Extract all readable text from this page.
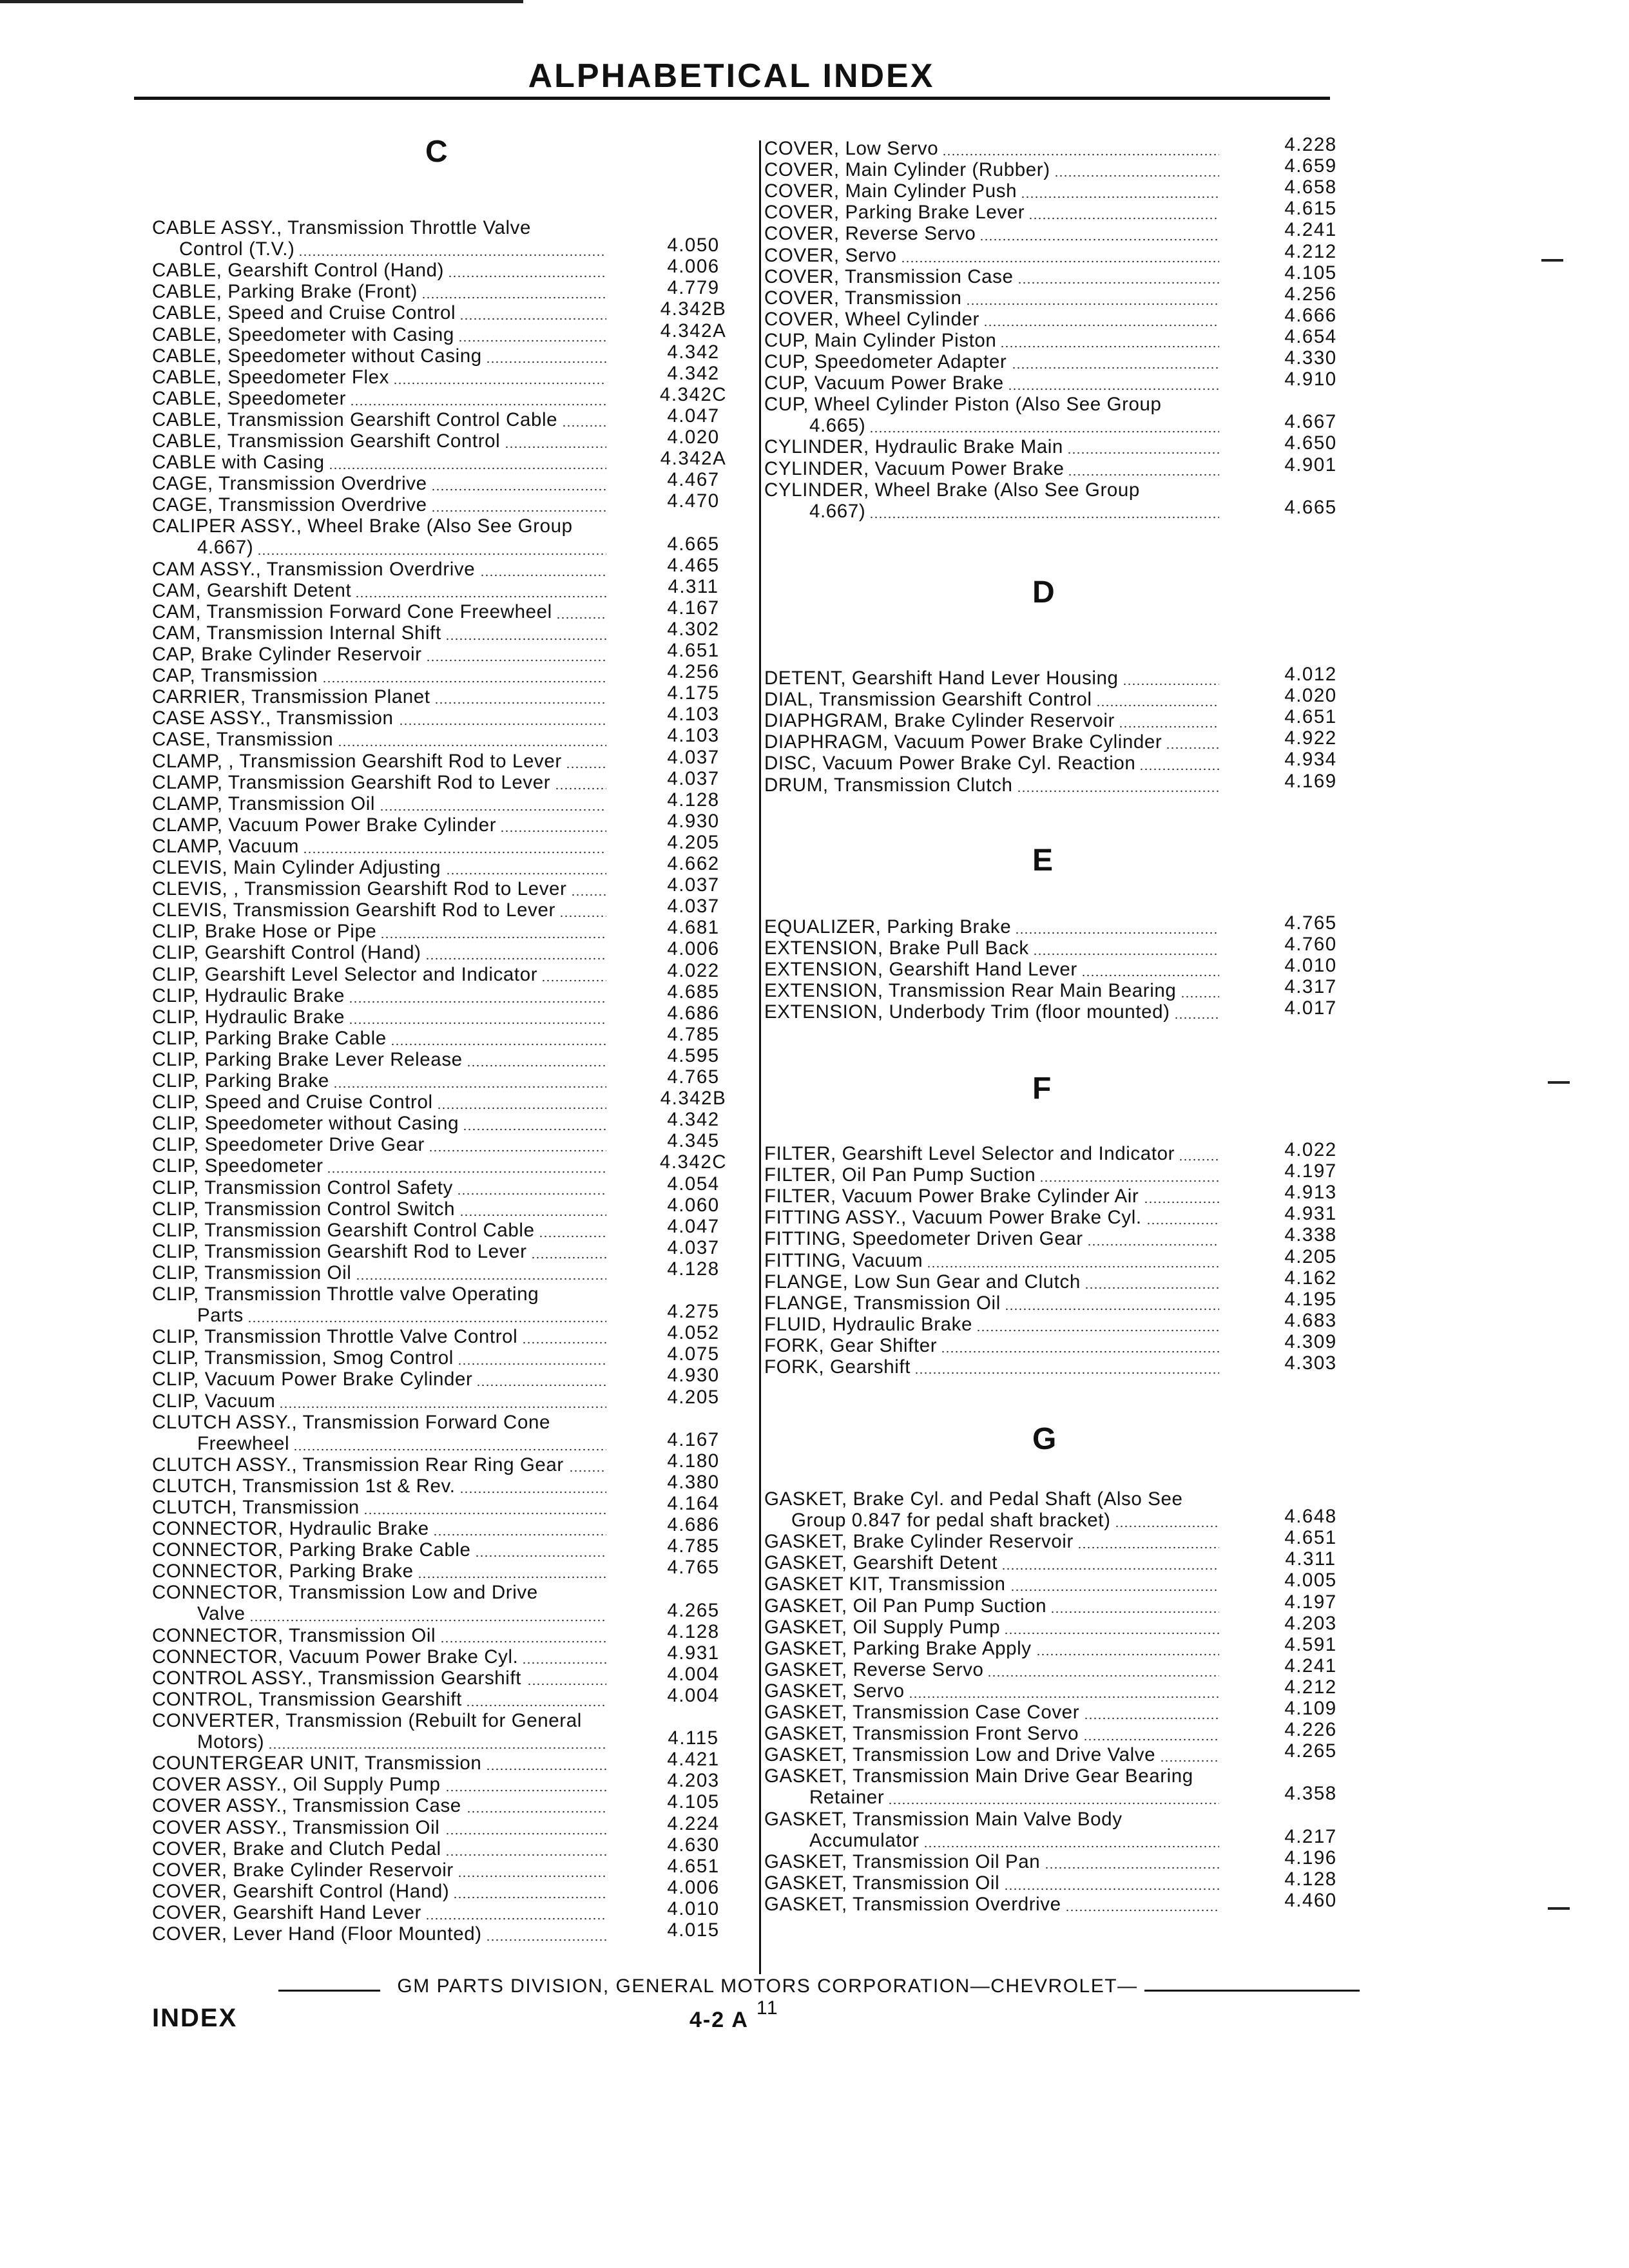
ALPHABETICAL INDEX
C
CABLE ASSY., Transmission Throttle Valve
Control (T.V.)	4.050
CABLE, Gearshift Control (Hand)	4.006
CABLE, Parking Brake (Front)	4.779
CABLE, Speed and Cruise Control	4.342B
CABLE, Speedometer with Casing	4.342A
CABLE, Speedometer without Casing	4.342
CABLE, Speedometer Flex	4.342
CABLE, Speedometer	4.342C
CABLE, Transmission Gearshift Control Cable	4.047
CABLE, Transmission Gearshift Control	4.020
CABLE with Casing	4.342A
CAGE, Transmission Overdrive	4.467
CAGE, Transmission Overdrive	4.470
CALIPER ASSY., Wheel Brake (Also See Group
4.667)	4.665
CAM ASSY., Transmission Overdrive	4.465
CAM, Gearshift Detent	4.311
CAM, Transmission Forward Cone Freewheel	4.167
CAM, Transmission Internal Shift	4.302
CAP, Brake Cylinder Reservoir	4.651
CAP, Transmission	4.256
CARRIER, Transmission Planet	4.175
CASE ASSY., Transmission	4.103
CASE, Transmission	4.103
CLAMP, , Transmission Gearshift Rod to Lever	4.037
CLAMP, Transmission Gearshift Rod to Lever	4.037
CLAMP, Transmission Oil	4.128
CLAMP, Vacuum Power Brake Cylinder	4.930
CLAMP, Vacuum	4.205
CLEVIS, Main Cylinder Adjusting	4.662
CLEVIS, , Transmission Gearshift Rod to Lever	4.037
CLEVIS, Transmission Gearshift Rod to Lever	4.037
CLIP, Brake Hose or Pipe	4.681
CLIP, Gearshift Control (Hand)	4.006
CLIP, Gearshift Level Selector and Indicator	4.022
CLIP, Hydraulic Brake	4.685
CLIP, Hydraulic Brake	4.686
CLIP, Parking Brake Cable	4.785
CLIP, Parking Brake Lever Release	4.595
CLIP, Parking Brake	4.765
CLIP, Speed and Cruise Control	4.342B
CLIP, Speedometer without Casing	4.342
CLIP, Speedometer Drive Gear	4.345
CLIP, Speedometer	4.342C
CLIP, Transmission Control Safety	4.054
CLIP, Transmission Control Switch	4.060
CLIP, Transmission Gearshift Control Cable	4.047
CLIP, Transmission Gearshift Rod to Lever	4.037
CLIP, Transmission Oil	4.128
CLIP, Transmission Throttle valve Operating
Parts	4.275
CLIP, Transmission Throttle Valve Control	4.052
CLIP, Transmission, Smog Control	4.075
CLIP, Vacuum Power Brake Cylinder	4.930
CLIP, Vacuum	4.205
CLUTCH ASSY., Transmission Forward Cone
Freewheel	4.167
CLUTCH ASSY., Transmission Rear Ring Gear	4.180
CLUTCH, Transmission 1st & Rev.	4.380
CLUTCH, Transmission	4.164
CONNECTOR, Hydraulic Brake	4.686
CONNECTOR, Parking Brake Cable	4.785
CONNECTOR, Parking Brake	4.765
CONNECTOR, Transmission Low and Drive
Valve	4.265
CONNECTOR, Transmission Oil	4.128
CONNECTOR, Vacuum Power Brake Cyl.	4.931
CONTROL ASSY., Transmission Gearshift	4.004
CONTROL, Transmission Gearshift	4.004
CONVERTER, Transmission (Rebuilt for General
Motors)	4.115
COUNTERGEAR UNIT, Transmission	4.421
COVER ASSY., Oil Supply Pump	4.203
COVER ASSY., Transmission Case	4.105
COVER ASSY., Transmission Oil	4.224
COVER, Brake and Clutch Pedal	4.630
COVER, Brake Cylinder Reservoir	4.651
COVER, Gearshift Control (Hand)	4.006
COVER, Gearshift Hand Lever	4.010
COVER, Lever Hand (Floor Mounted)	4.015
COVER, Low Servo	4.228
COVER, Main Cylinder (Rubber)	4.659
COVER, Main Cylinder Push	4.658
COVER, Parking Brake Lever	4.615
COVER, Reverse Servo	4.241
COVER, Servo	4.212
COVER, Transmission Case	4.105
COVER, Transmission	4.256
COVER, Wheel Cylinder	4.666
CUP, Main Cylinder Piston	4.654
CUP, Speedometer Adapter	4.330
CUP, Vacuum Power Brake	4.910
CUP, Wheel Cylinder Piston (Also See Group
4.665)	4.667
CYLINDER, Hydraulic Brake Main	4.650
CYLINDER, Vacuum Power Brake	4.901
CYLINDER, Wheel Brake (Also See Group
4.667)	4.665
D
DETENT, Gearshift Hand Lever Housing	4.012
DIAL, Transmission Gearshift Control	4.020
DIAPHGRAM, Brake Cylinder Reservoir	4.651
DIAPHRAGM, Vacuum Power Brake Cylinder	4.922
DISC, Vacuum Power Brake Cyl. Reaction	4.934
DRUM, Transmission Clutch	4.169
E
EQUALIZER, Parking Brake	4.765
EXTENSION, Brake Pull Back	4.760
EXTENSION, Gearshift Hand Lever	4.010
EXTENSION, Transmission Rear Main Bearing	4.317
EXTENSION, Underbody Trim (floor mounted)	4.017
F
FILTER, Gearshift Level Selector and Indicator	4.022
FILTER, Oil Pan Pump Suction	4.197
FILTER, Vacuum Power Brake Cylinder Air	4.913
FITTING ASSY., Vacuum Power Brake Cyl.	4.931
FITTING, Speedometer Driven Gear	4.338
FITTING, Vacuum	4.205
FLANGE, Low Sun Gear and Clutch	4.162
FLANGE, Transmission Oil	4.195
FLUID, Hydraulic Brake	4.683
FORK, Gear Shifter	4.309
FORK, Gearshift	4.303
G
GASKET, Brake Cyl. and Pedal Shaft (Also See
Group 0.847 for pedal shaft bracket)	4.648
GASKET, Brake Cylinder Reservoir	4.651
GASKET, Gearshift Detent	4.311
GASKET KIT, Transmission	4.005
GASKET, Oil Pan Pump Suction	4.197
GASKET, Oil Supply Pump	4.203
GASKET, Parking Brake Apply	4.591
GASKET, Reverse Servo	4.241
GASKET, Servo	4.212
GASKET, Transmission Case Cover	4.109
GASKET, Transmission Front Servo	4.226
GASKET, Transmission Low and Drive Valve	4.265
GASKET, Transmission Main Drive Gear Bearing
Retainer	4.358
GASKET, Transmission Main Valve Body
Accumulator	4.217
GASKET, Transmission Oil Pan	4.196
GASKET, Transmission Oil	4.128
GASKET, Transmission Overdrive	4.460
GM PARTS DIVISION, GENERAL MOTORS CORPORATION—CHEVROLET—11
INDEX	4-2 A
